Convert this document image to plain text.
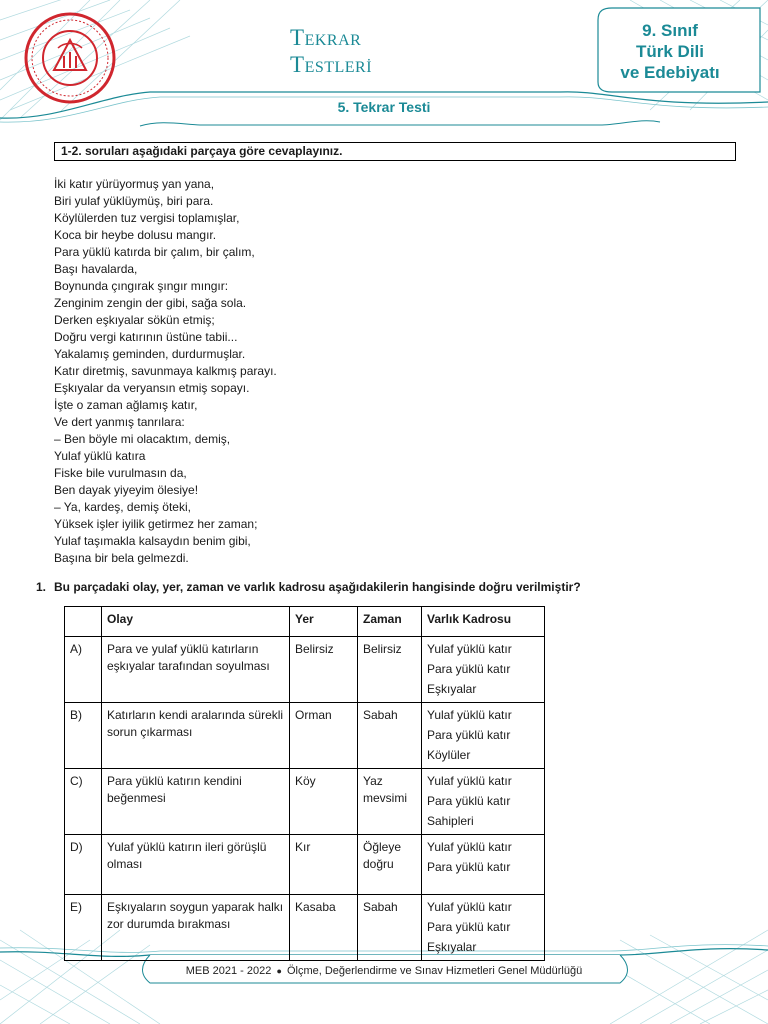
TEKRAR
TESTLERİ
9. Sınıf
Türk Dili
ve Edebiyatı
5. Tekrar Testi
1-2. soruları aşağıdaki parçaya göre cevaplayınız.
İki katır yürüyormuş yan yana,
Biri yulaf yüklüymüş, biri para.
Köylülerden tuz vergisi toplamışlar,
Koca bir heybe dolusu mangır.
Para yüklü katırda bir çalım, bir çalım,
Başı havalarda,
Boynunda çıngırak şıngır mıngır:
Zenginim zengin der gibi, sağa sola.
Derken eşkıyalar sökün etmiş;
Doğru vergi katırının üstüne tabii...
Yakalamış geminden, durdurmuşlar.
Katır diretmiş, savunmaya kalkmış parayı.
Eşkıyalar da veryansın etmiş sopayı.
İşte o zaman ağlamış katır,
Ve dert yanmış tanrılara:
– Ben böyle mi olacaktım, demiş,
Yulaf yüklü katıra
Fiske bile vurulmasın da,
Ben dayak yiyeyim ölesiye!
– Ya, kardeş, demiş öteki,
Yüksek işler iyilik getirmez her zaman;
Yulaf taşımakla kalsaydın benim gibi,
Başına bir bela gelmezdi.
1. Bu parçadaki olay, yer, zaman ve varlık kadrosu aşağıdakilerin hangisinde doğru verilmiştir?
	Olay	Yer	Zaman	Varlık Kadrosu
A)	Para ve yulaf yüklü katırların eşkıyalar tarafından soyulması	Belirsiz	Belirsiz	Yulaf yüklü katır
Para yüklü katır
Eşkıyalar

B)	Katırların kendi aralarında sürekli sorun çıkarması	Orman	Sabah	Yulaf yüklü katır
Para yüklü katır
Köylüler

C)	Para yüklü katırın kendini beğenmesi	Köy	Yaz mevsimi	Yulaf yüklü katır
Para yüklü katır
Sahipleri

D)	Yulaf yüklü katırın ileri görüşlü olması	Kır	Öğleye doğru	Yulaf yüklü katır
Para yüklü katır

E)	Eşkıyaların soygun yaparak halkı zor durumda bırakması	Kasaba	Sabah	Yulaf yüklü katır
Para yüklü katır
Eşkıyalar
MEB 2021 - 2022 ● Ölçme, Değerlendirme ve Sınav Hizmetleri Genel Müdürlüğü
